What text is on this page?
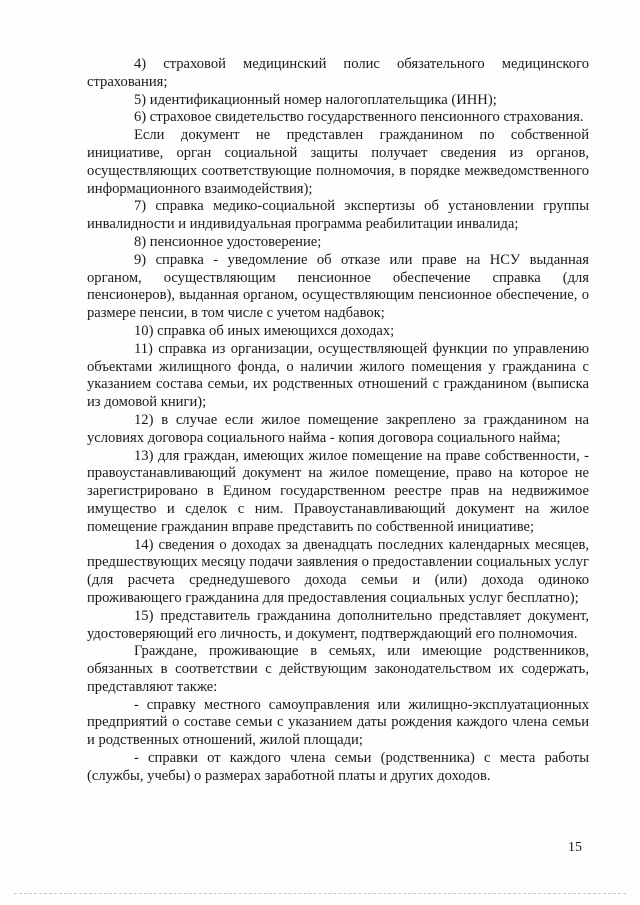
4) страховой медицинский полис обязательного медицинского страхования;

5) идентификационный номер налогоплательщика (ИНН);

6) страховое свидетельство государственного пенсионного страхования.

Если документ не представлен гражданином по собственной инициативе, орган социальной защиты получает сведения из органов, осуществляющих соответствующие полномочия, в порядке межведомственного информационного взаимодействия);

7) справка медико-социальной экспертизы об установлении группы инвалидности и индивидуальная программа реабилитации инвалида;

8) пенсионное удостоверение;

9) справка - уведомление об отказе или праве на НСУ выданная органом, осуществляющим пенсионное обеспечение справка (для пенсионеров), выданная органом, осуществляющим пенсионное обеспечение, о размере пенсии, в том числе с учетом надбавок;

10) справка об иных имеющихся доходах;

11) справка из организации, осуществляющей функции по управлению объектами жилищного фонда, о наличии жилого помещения у гражданина с указанием состава семьи, их родственных отношений с гражданином (выписка из домовой книги);

12) в случае если жилое помещение закреплено за гражданином на условиях договора социального найма - копия договора социального найма;

13) для граждан, имеющих жилое помещение на праве собственности, - правоустанавливающий документ на жилое помещение, право на которое не зарегистрировано в Едином государственном реестре прав на недвижимое имущество и сделок с ним. Правоустанавливающий документ на жилое помещение гражданин вправе представить по собственной инициативе;

14) сведения о доходах за двенадцать последних календарных месяцев, предшествующих месяцу подачи заявления о предоставлении социальных услуг (для расчета среднедушевого дохода семьи и (или) дохода одиноко проживающего гражданина для предоставления социальных услуг бесплатно);

15) представитель гражданина дополнительно представляет документ, удостоверяющий его личность, и документ, подтверждающий его полномочия.

Граждане, проживающие в семьях, или имеющие родственников, обязанных в соответствии с действующим законодательством их содержать, представляют также:

- справку местного самоуправления или жилищно-эксплуатационных предприятий о составе семьи с указанием даты рождения каждого члена семьи и родственных отношений, жилой площади;

- справки от каждого члена семьи (родственника) с места работы (службы, учебы) о размерах заработной платы и других доходов.

15
